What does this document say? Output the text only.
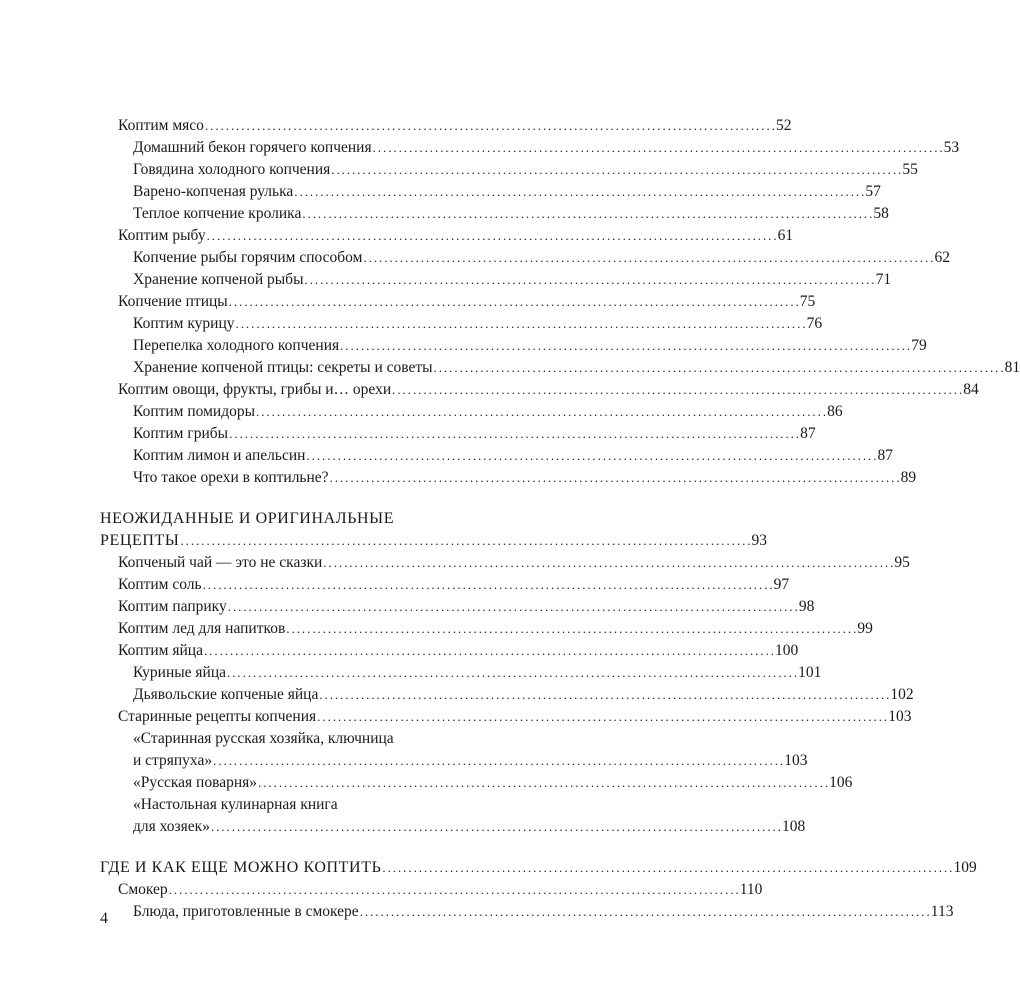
Коптим мясо . . .	52
Домашний бекон горячего копчения . . .	53
Говядина холодного копчения . . .	55
Варено-копченая рулька . . .	57
Теплое копчение кролика . . .	58
Коптим рыбу . . .	61
Копчение рыбы горячим способом . . .	62
Хранение копченой рыбы . . .	71
Копчение птицы . . .	75
Коптим курицу . . .	76
Перепелка холодного копчения . . .	79
Хранение копченой птицы: секреты и советы . . .	81
Коптим овощи, фрукты, грибы и… орехи . . .	84
Коптим помидоры . . .	86
Коптим грибы . . .	87
Коптим лимон и апельсин . . .	87
Что такое орехи в коптильне? . . .	89
НЕОЖИДАННЫЕ И ОРИГИНАЛЬНЫЕ
РЕЦЕПТЫ . . .	93
Копченый чай — это не сказки . . .	95
Коптим соль . . .	97
Коптим паприку . . .	98
Коптим лед для напитков . . .	99
Коптим яйца . . .	100
Куриные яйца . . .	101
Дьявольские копченые яйца . . .	102
Старинные рецепты копчения . . .	103
«Старинная русская хозяйка, ключница
и стряпуха» . . .	103
«Русская поварня» . . .	106
«Настольная кулинарная книга
для хозяек» . . .	108
ГДЕ И КАК ЕЩЕ МОЖНО КОПТИТЬ . . .	109
Смокер . . .	110
Блюда, приготовленные в смокере . . .	113
4
